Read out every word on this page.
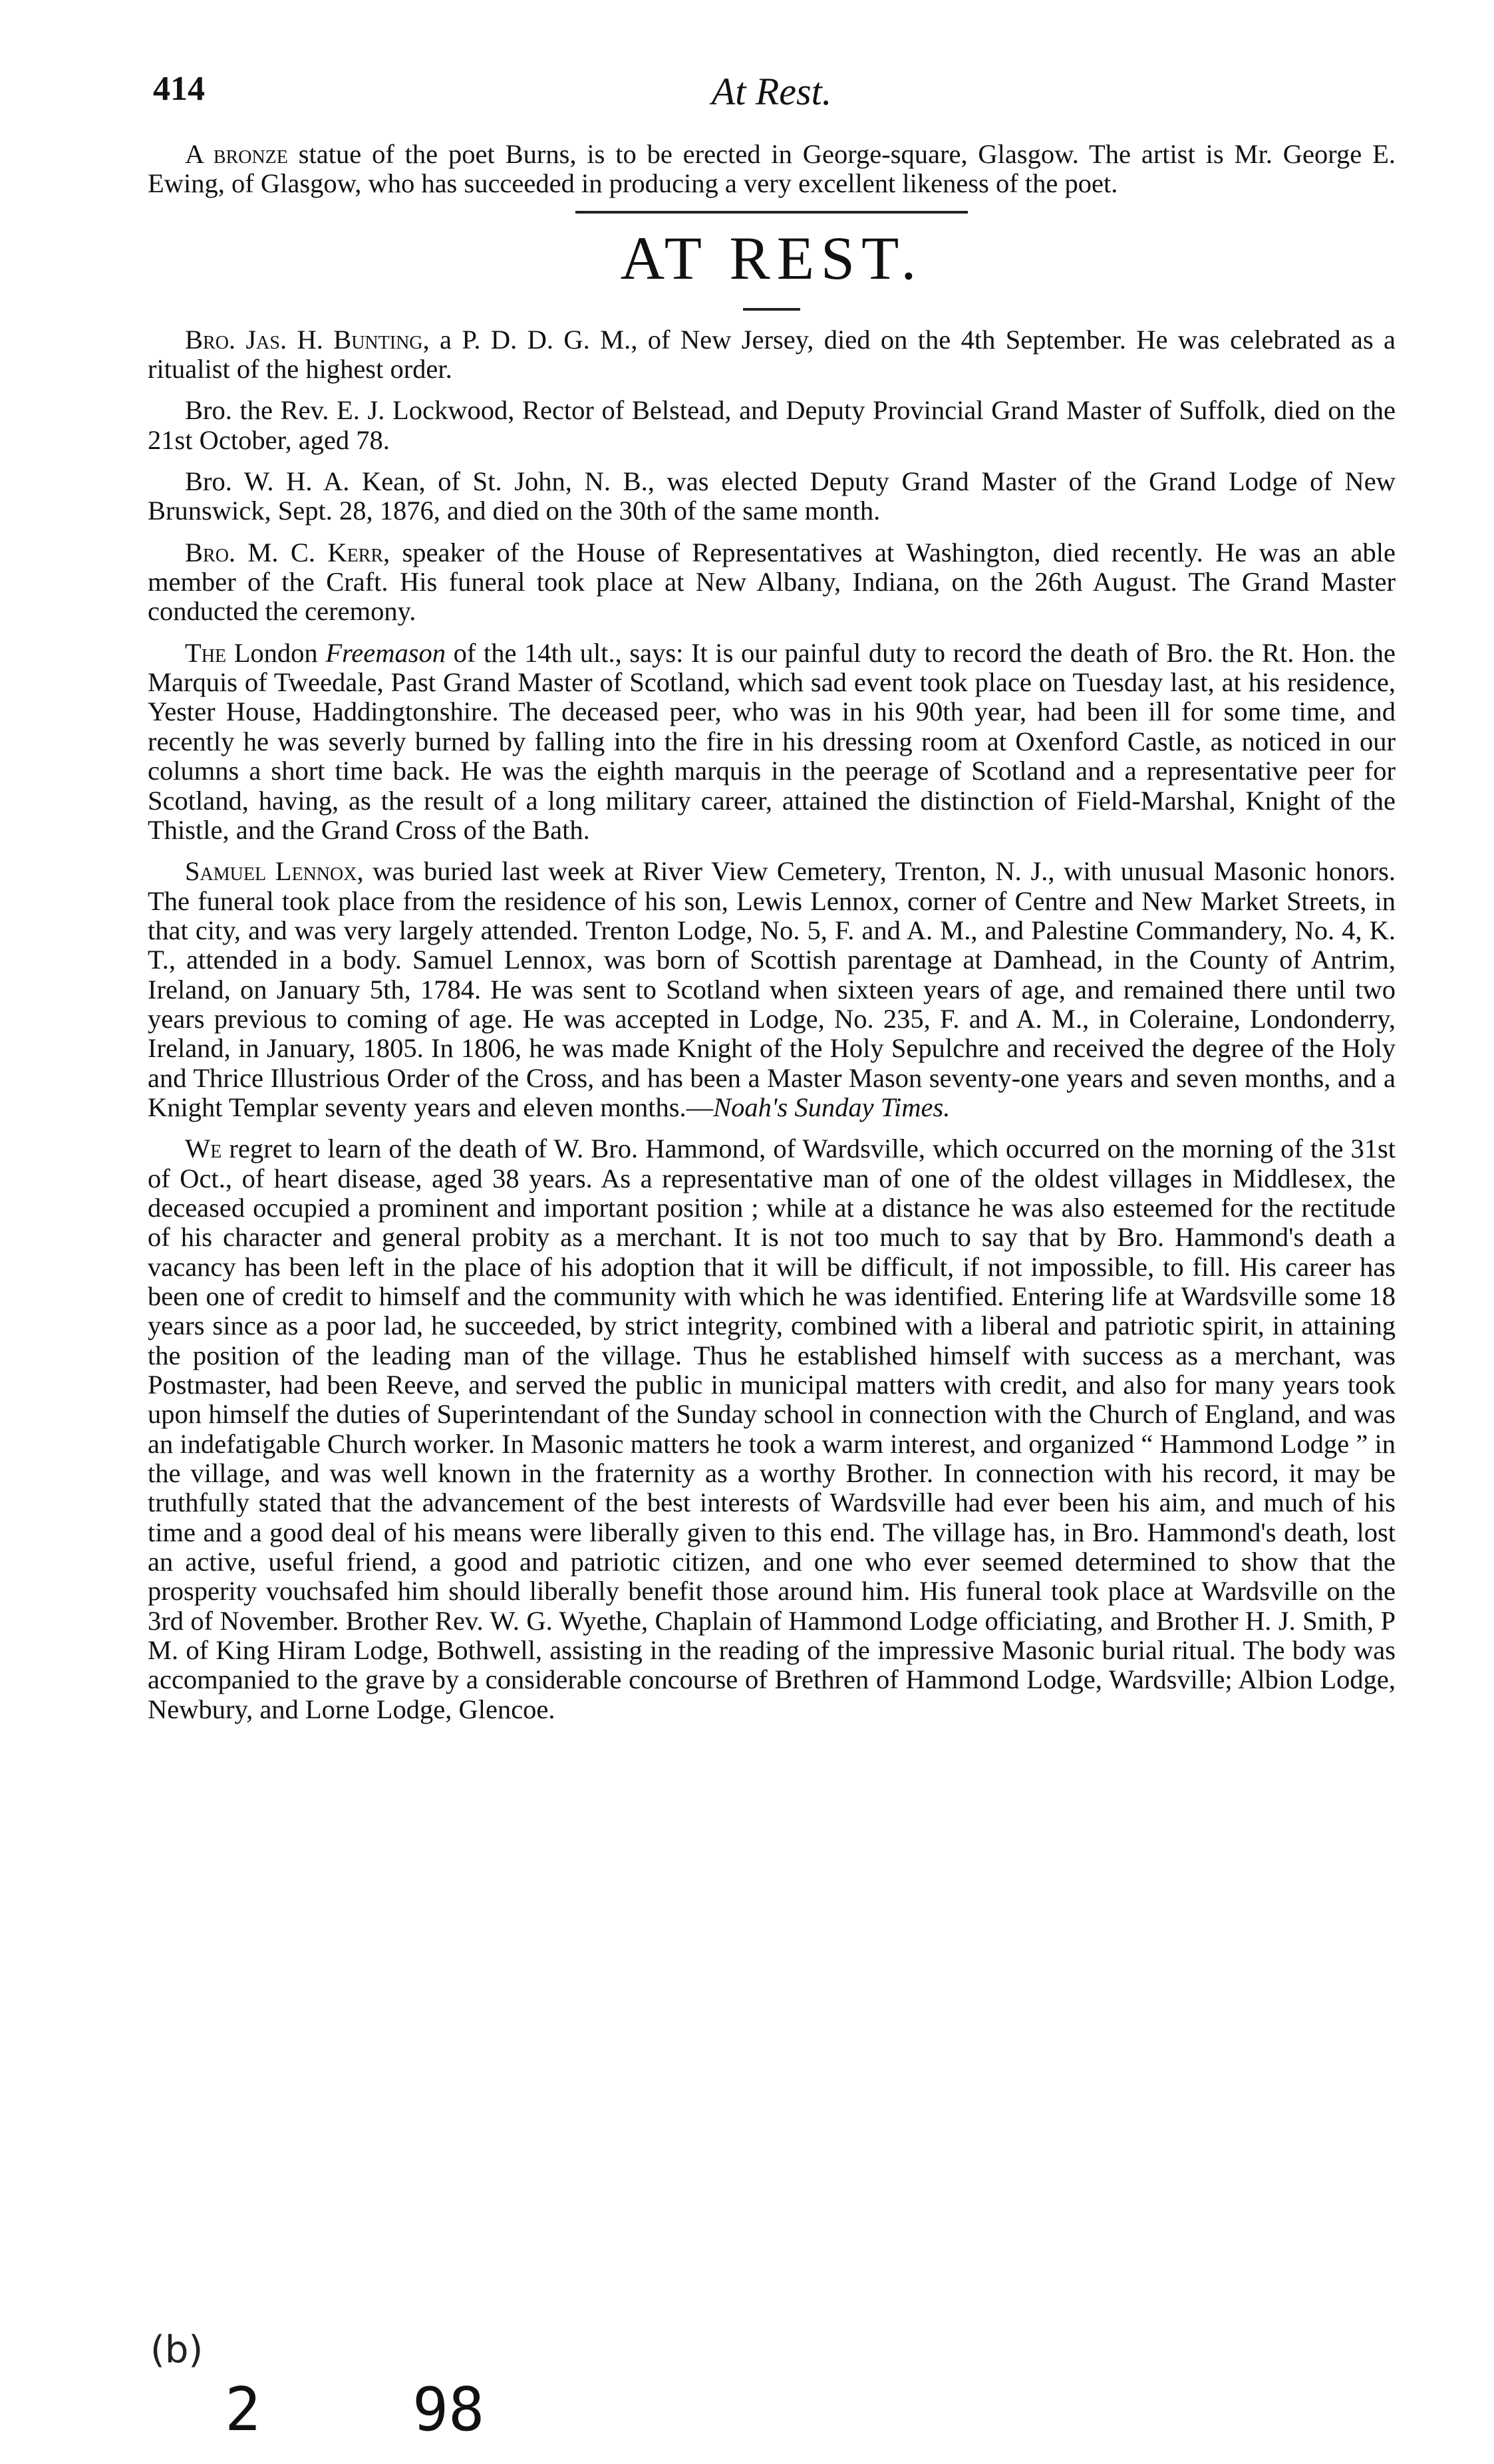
414	At Rest.

A bronze statue of the poet Burns, is to be erected in George-square, Glasgow. The artist is Mr. George E. Ewing, of Glasgow, who has succeeded in producing a very excellent likeness of the poet.

AT REST.

Bro. Jas. H. Bunting, a P. D. D. G. M., of New Jersey, died on the 4th September. He was celebrated as a ritualist of the highest order.

Bro. the Rev. E. J. Lockwood, Rector of Belstead, and Deputy Provincial Grand Master of Suffolk, died on the 21st October, aged 78.

Bro. W. H. A. Kean, of St. John, N. B., was elected Deputy Grand Master of the Grand Lodge of New Brunswick, Sept. 28, 1876, and died on the 30th of the same month.

Bro. M. C. Kerr, speaker of the House of Representatives at Washington, died recently. He was an able member of the Craft. His funeral took place at New Albany, Indiana, on the 26th August. The Grand Master conducted the ceremony.

The London Freemason of the 14th ult., says: It is our painful duty to record the death of Bro. the Rt. Hon. the Marquis of Tweedale, Past Grand Master of Scotland, which sad event took place on Tuesday last, at his residence, Yester House, Haddingtonshire. The deceased peer, who was in his 90th year, had been ill for some time, and recently he was severly burned by falling into the fire in his dressing room at Oxenford Castle, as noticed in our columns a short time back. He was the eighth marquis in the peerage of Scotland and a representative peer for Scotland, having, as the result of a long military career, attained the distinction of Field-Marshal, Knight of the Thistle, and the Grand Cross of the Bath.

Samuel Lennox, was buried last week at River View Cemetery, Trenton, N. J., with unusual Masonic honors. The funeral took place from the residence of his son, Lewis Lennox, corner of Centre and New Market Streets, in that city, and was very largely attended. Trenton Lodge, No. 5, F. and A. M., and Palestine Commandery, No. 4, K. T., attended in a body. Samuel Lennox, was born of Scottish parentage at Damhead, in the County of Antrim, Ireland, on January 5th, 1784. He was sent to Scotland when sixteen years of age, and remained there until two years previous to coming of age. He was accepted in Lodge, No. 235, F. and A. M., in Coleraine, Londonderry, Ireland, in January, 1805. In 1806, he was made Knight of the Holy Sepulchre and received the degree of the Holy and Thrice Illustrious Order of the Cross, and has been a Master Mason seventy-one years and seven months, and a Knight Templar seventy years and eleven months.—Noah's Sunday Times.

We regret to learn of the death of W. Bro. Hammond, of Wardsville, which occurred on the morning of the 31st of Oct., of heart disease, aged 38 years. As a representative man of one of the oldest villages in Middlesex, the deceased occupied a prominent and important position ; while at a distance he was also esteemed for the rectitude of his character and general probity as a merchant. It is not too much to say that by Bro. Hammond's death a vacancy has been left in the place of his adoption that it will be difficult, if not impossible, to fill. His career has been one of credit to himself and the community with which he was identified. Entering life at Wardsville some 18 years since as a poor lad, he succeeded, by strict integrity, combined with a liberal and patriotic spirit, in attaining the position of the leading man of the village. Thus he established himself with success as a merchant, was Postmaster, had been Reeve, and served the public in municipal matters with credit, and also for many years took upon himself the duties of Superintendant of the Sunday school in connection with the Church of England, and was an indefatigable Church worker. In Masonic matters he took a warm interest, and organized “ Hammond Lodge ” in the village, and was well known in the fraternity as a worthy Brother. In connection with his record, it may be truthfully stated that the advancement of the best interests of Wardsville had ever been his aim, and much of his time and a good deal of his means were liberally given to this end. The village has, in Bro. Hammond's death, lost an active, useful friend, a good and patriotic citizen, and one who ever seemed determined to show that the prosperity vouchsafed him should liberally benefit those around him. His funeral took place at Wardsville on the 3rd of November. Brother Rev. W. G. Wyethe, Chaplain of Hammond Lodge officiating, and Brother H. J. Smith, P M. of King Hiram Lodge, Bothwell, assisting in the reading of the impressive Masonic burial ritual. The body was accompanied to the grave by a considerable concourse of Brethren of Hammond Lodge, Wardsville; Albion Lodge, Newbury, and Lorne Lodge, Glencoe.

(b)
2	98
